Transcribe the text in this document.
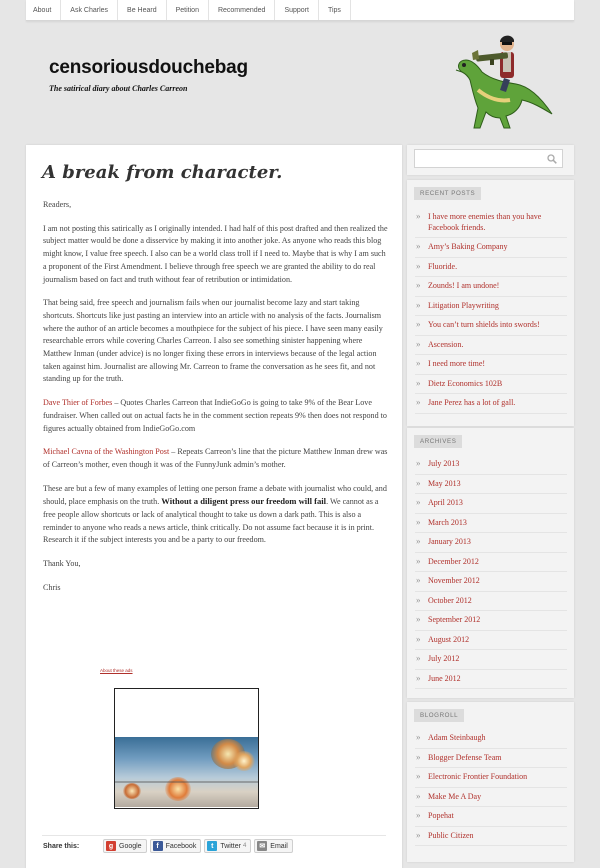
About	Ask Charles	Be Heard	Petition	Recommended	Support	Tips
censoriousdouchebag
The satirical diary about Charles Carreon
A break from character.

Readers,

I am not posting this satirically as I originally intended. I had half of this post drafted and then realized the subject matter would be done a disservice by making it into another joke. As anyone who reads this blog might know, I value free speech. I also can be a world class troll if I need to. Maybe that is why I am such a proponent of the First Amendment. I believe through free speech we are granted the ability to do real journalism based on fact and truth without fear of retribution or intimidation.

That being said, free speech and journalism fails when our journalist become lazy and start taking shortcuts. Shortcuts like just pasting an interview into an article with no analysis of the facts. Journalism where the author of an article becomes a mouthpiece for the subject of his piece. I have seen many easily researchable errors while covering Charles Carreon. I also see something sinister happening where Matthew Inman (under advice) is no longer fixing these errors in interviews because of the legal action taken against him. Journalist are allowing Mr. Carreon to frame the conversation as he sees fit, and not standing up for the truth.

Dave Thier of Forbes – Quotes Charles Carreon that IndieGoGo is going to take 9% of the Bear Love fundraiser. When called out on actual facts he in the comment section repeats 9% then does not respond to figures actually obtained from IndieGoGo.com

Michael Cavna of the Washington Post – Repeats Carreon’s line that the picture Matthew Inman drew was of Carreon’s mother, even though it was of the FunnyJunk admin’s mother.

These are but a few of many examples of letting one person frame a debate with journalist who could, and should, place emphasis on the truth. Without a diligent press our freedom will fail. We cannot as a free people allow shortcuts or lack of analytical thought to take us down a dark path. This is also a reminder to anyone who reads a news article, think critically. Do not assume fact because it is in print. Research it if the subject interests you and be a party to our freedom.

Thank You,

Chris

About these ads
Share this:	g Google	f Facebook	t Twitter 4 ✉ Email
RECENT POSTS
» I have more enemies than you have Facebook friends.
» Amy’s Baking Company
» Fluoride.
» Zounds! I am undone!
» Litigation Playwriting
» You can’t turn shields into swords!
» Ascension.
» I need more time!
» Dietz Economics 102B
» Jane Perez has a lot of gall.
ARCHIVES
» July 2013
» May 2013
» April 2013
» March 2013
» January 2013
» December 2012
» November 2012
» October 2012
» September 2012
» August 2012
» July 2012
» June 2012
BLOGROLL
» Adam Steinbaugh
» Blogger Defense Team
» Electronic Frontier Foundation
» Make Me A Day
» Popehat
» Public Citizen
